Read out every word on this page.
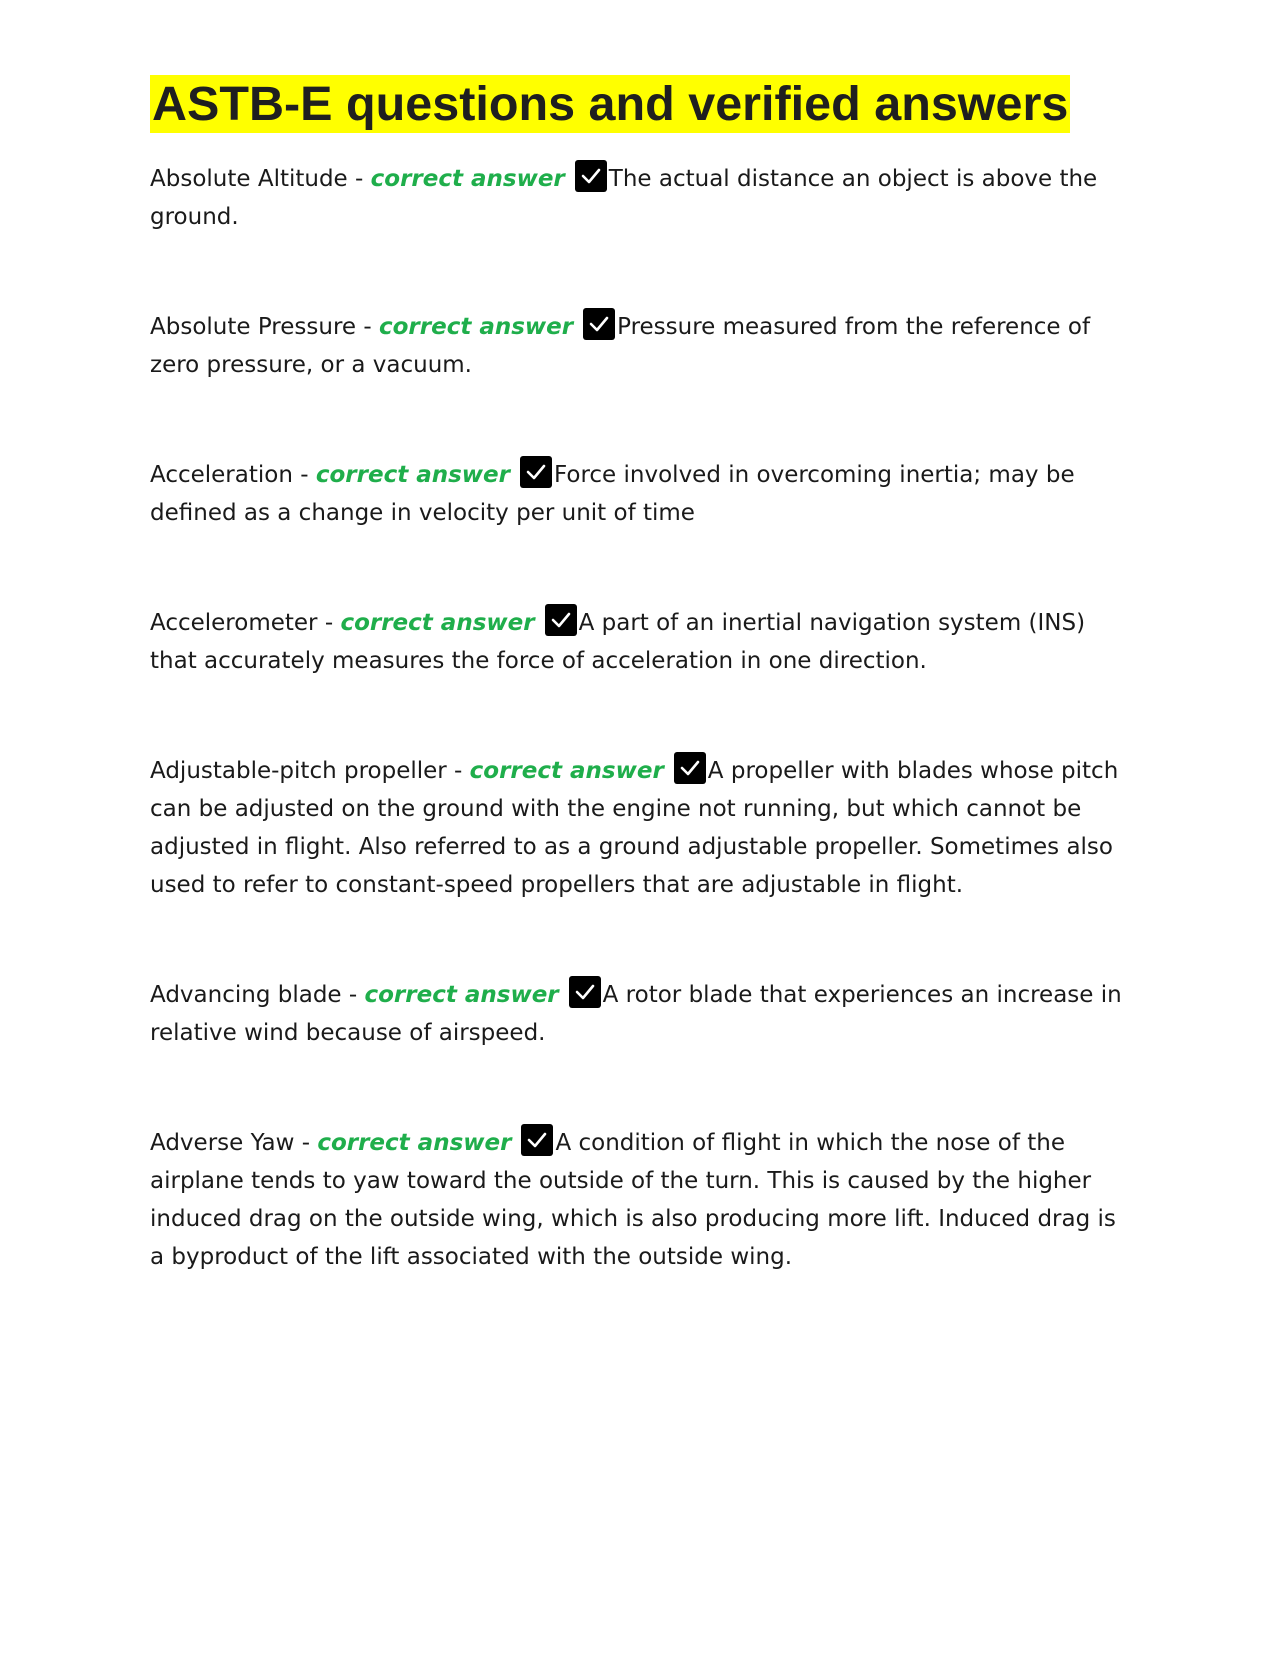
ASTB-E questions and verified answers

Absolute Altitude - correct answer The actual distance an object is above the ground.

Absolute Pressure - correct answer Pressure measured from the reference of zero pressure, or a vacuum.

Acceleration - correct answer Force involved in overcoming inertia; may be defined as a change in velocity per unit of time

Accelerometer - correct answer A part of an inertial navigation system (INS) that accurately measures the force of acceleration in one direction.

Adjustable-pitch propeller - correct answer A propeller with blades whose pitch can be adjusted on the ground with the engine not running, but which cannot be adjusted in flight. Also referred to as a ground adjustable propeller. Sometimes also used to refer to constant-speed propellers that are adjustable in flight.

Advancing blade - correct answer A rotor blade that experiences an increase in relative wind because of airspeed.

Adverse Yaw - correct answer A condition of flight in which the nose of the airplane tends to yaw toward the outside of the turn. This is caused by the higher induced drag on the outside wing, which is also producing more lift. Induced drag is a byproduct of the lift associated with the outside wing.
